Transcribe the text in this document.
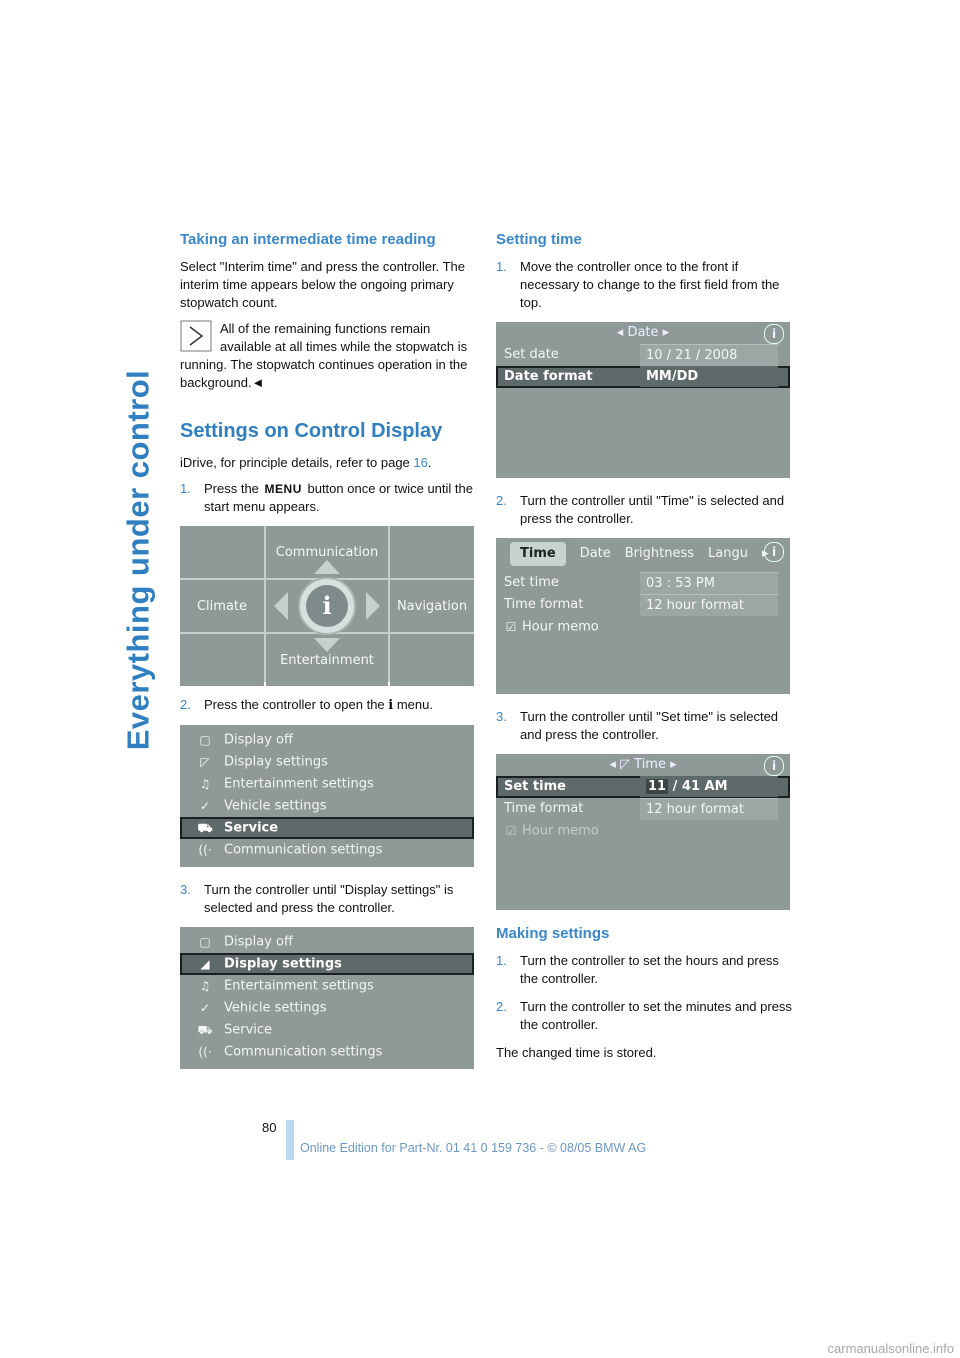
Everything under control
Taking an intermediate time reading

Select "Interim time" and press the controller. The interim time appears below the ongoing primary stopwatch count.

All of the remaining functions remain available at all times while the stopwatch is running. The stopwatch continues operation in the background.◄
Settings on Control Display

iDrive, for principle details, refer to page 16.

1.	Press the MENU button once or twice until the start menu appears.
Communication
Climate	i	Navigation
Entertainment
2.	Press the controller to open the i menu.
▢ Display off
◸ Display settings
♫ Entertainment settings
✓ Vehicle settings
⛟ Service
((· Communication settings
3.	Turn the controller until "Display settings" is selected and press the controller.
▢ Display off
◢ Display settings
♫ Entertainment settings
✓ Vehicle settings
⛟ Service
((· Communication settings
Setting time
1.	Move the controller once to the front if necessary to change to the first field from the top.
◂ Date ▸	i
Set date	10 / 21 / 2008
Date format	MM/DD
2.	Turn the controller until "Time" is selected and press the controller.
Time	Date Brightness Langu ▸ i
Set time	03 : 53 PM
Time format	12 hour format
☑ Hour memo
3.	Turn the controller until "Set time" is selected and press the controller.
◂ ◸ Time ▸	i
Set time	11 / 41 AM
Time format	12 hour format
☑ Hour memo
Making settings
1.	Turn the controller to set the hours and press the controller.
2.	Turn the controller to set the minutes and press the controller.

The changed time is stored.

80
Online Edition for Part-Nr. 01 41 0 159 736 - © 08/05 BMW AG
carmanualsonline.info
